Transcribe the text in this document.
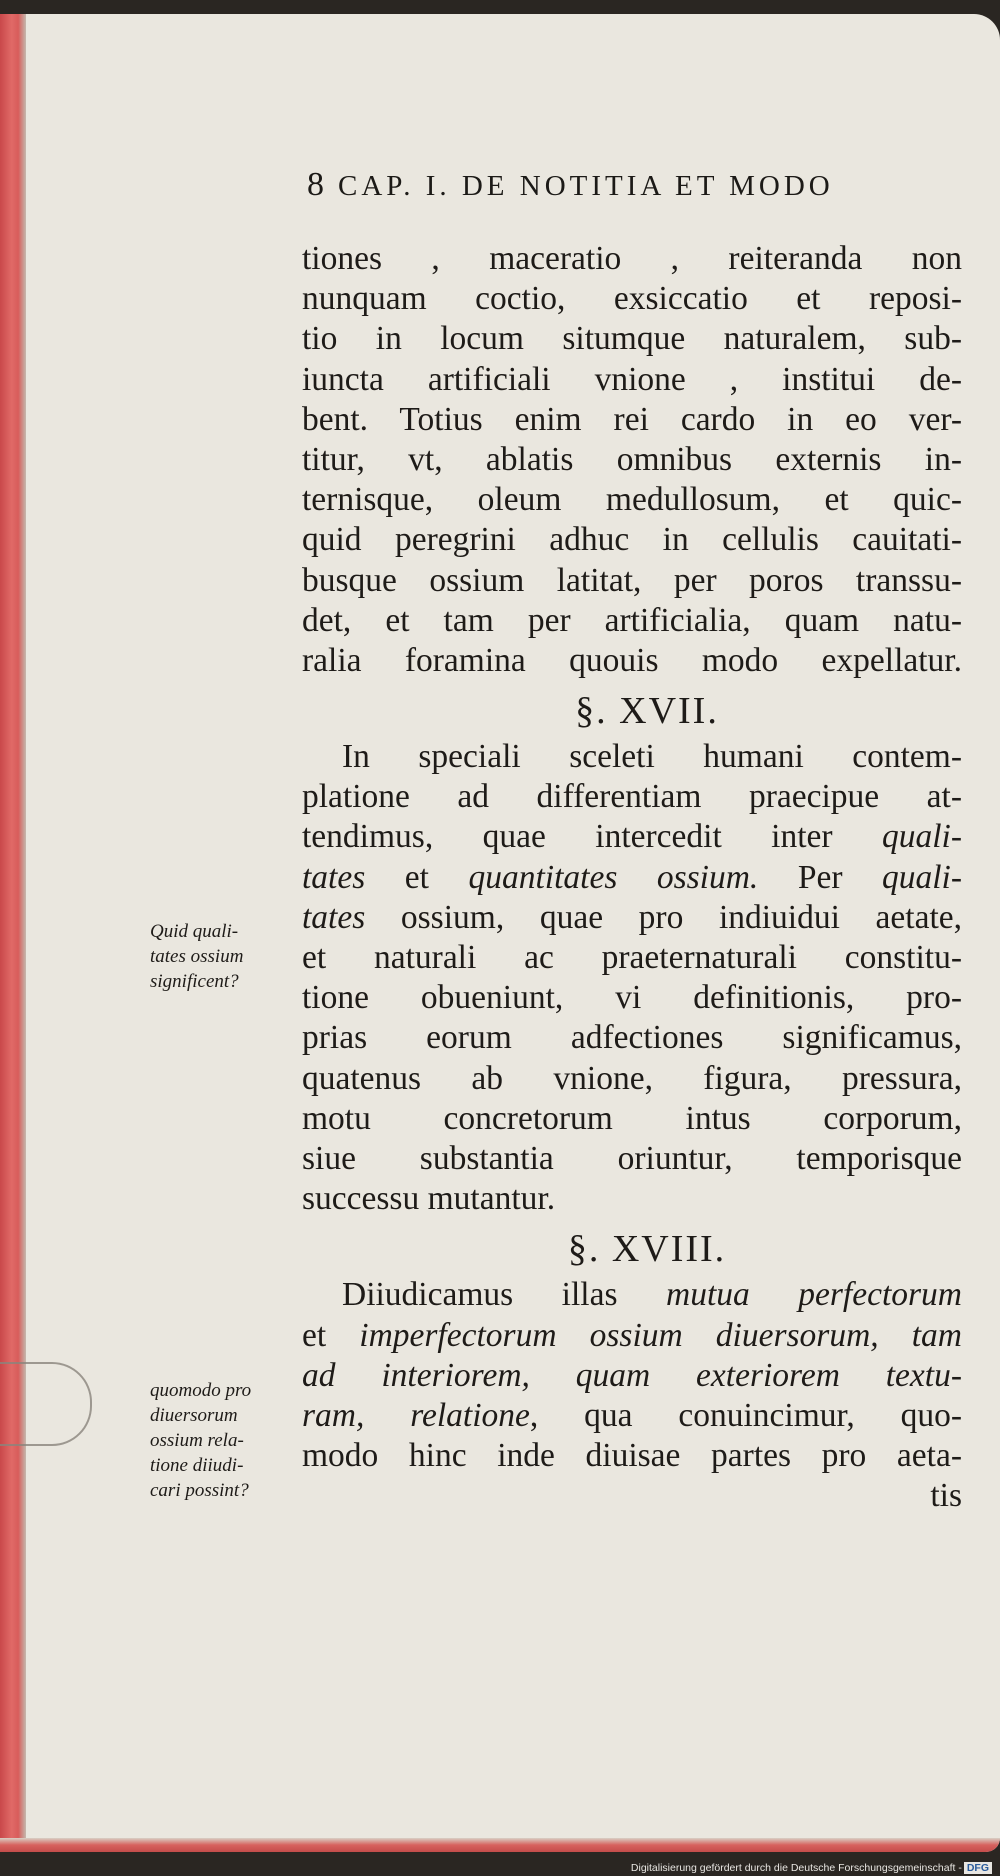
8 CAP. I. DE NOTITIA ET MODO
tiones , maceratio , reiteranda non
nunquam coctio, exsiccatio et reposi-
tio in locum situmque naturalem, sub-
iuncta artificiali vnione , institui de-
bent. Totius enim rei cardo in eo ver-
titur, vt, ablatis omnibus externis in-
ternisque, oleum medullosum, et quic-
quid peregrini adhuc in cellulis cauitati-
busque ossium latitat, per poros transsu-
det, et tam per artificialia, quam natu-
ralia foramina quouis modo expellatur.
§. XVII.
In speciali sceleti humani contem-
platione ad differentiam praecipue at-
tendimus, quae intercedit inter quali-
tates et quantitates ossium. Per quali-
tates ossium, quae pro indiuidui aetate,
et naturali ac praeternaturali constitu-
tione obueniunt, vi definitionis, pro-
prias eorum adfectiones significamus,
quatenus ab vnione, figura, pressura,
motu concretorum intus corporum,
siue substantia oriuntur, temporisque
successu mutantur.
§. XVIII.
Diiudicamus illas mutua perfectorum
et imperfectorum ossium diuersorum, tam
ad interiorem, quam exteriorem textu-
ram, relatione, qua conuincimur, quo-
modo hinc inde diuisae partes pro aeta-
tis
Quid quali-
tates ossium
significent?
quomodo pro
diuersorum
ossium rela-
tione diiudi-
cari possint?
Digitalisierung gefördert durch die Deutsche Forschungsgemeinschaft - DFG
